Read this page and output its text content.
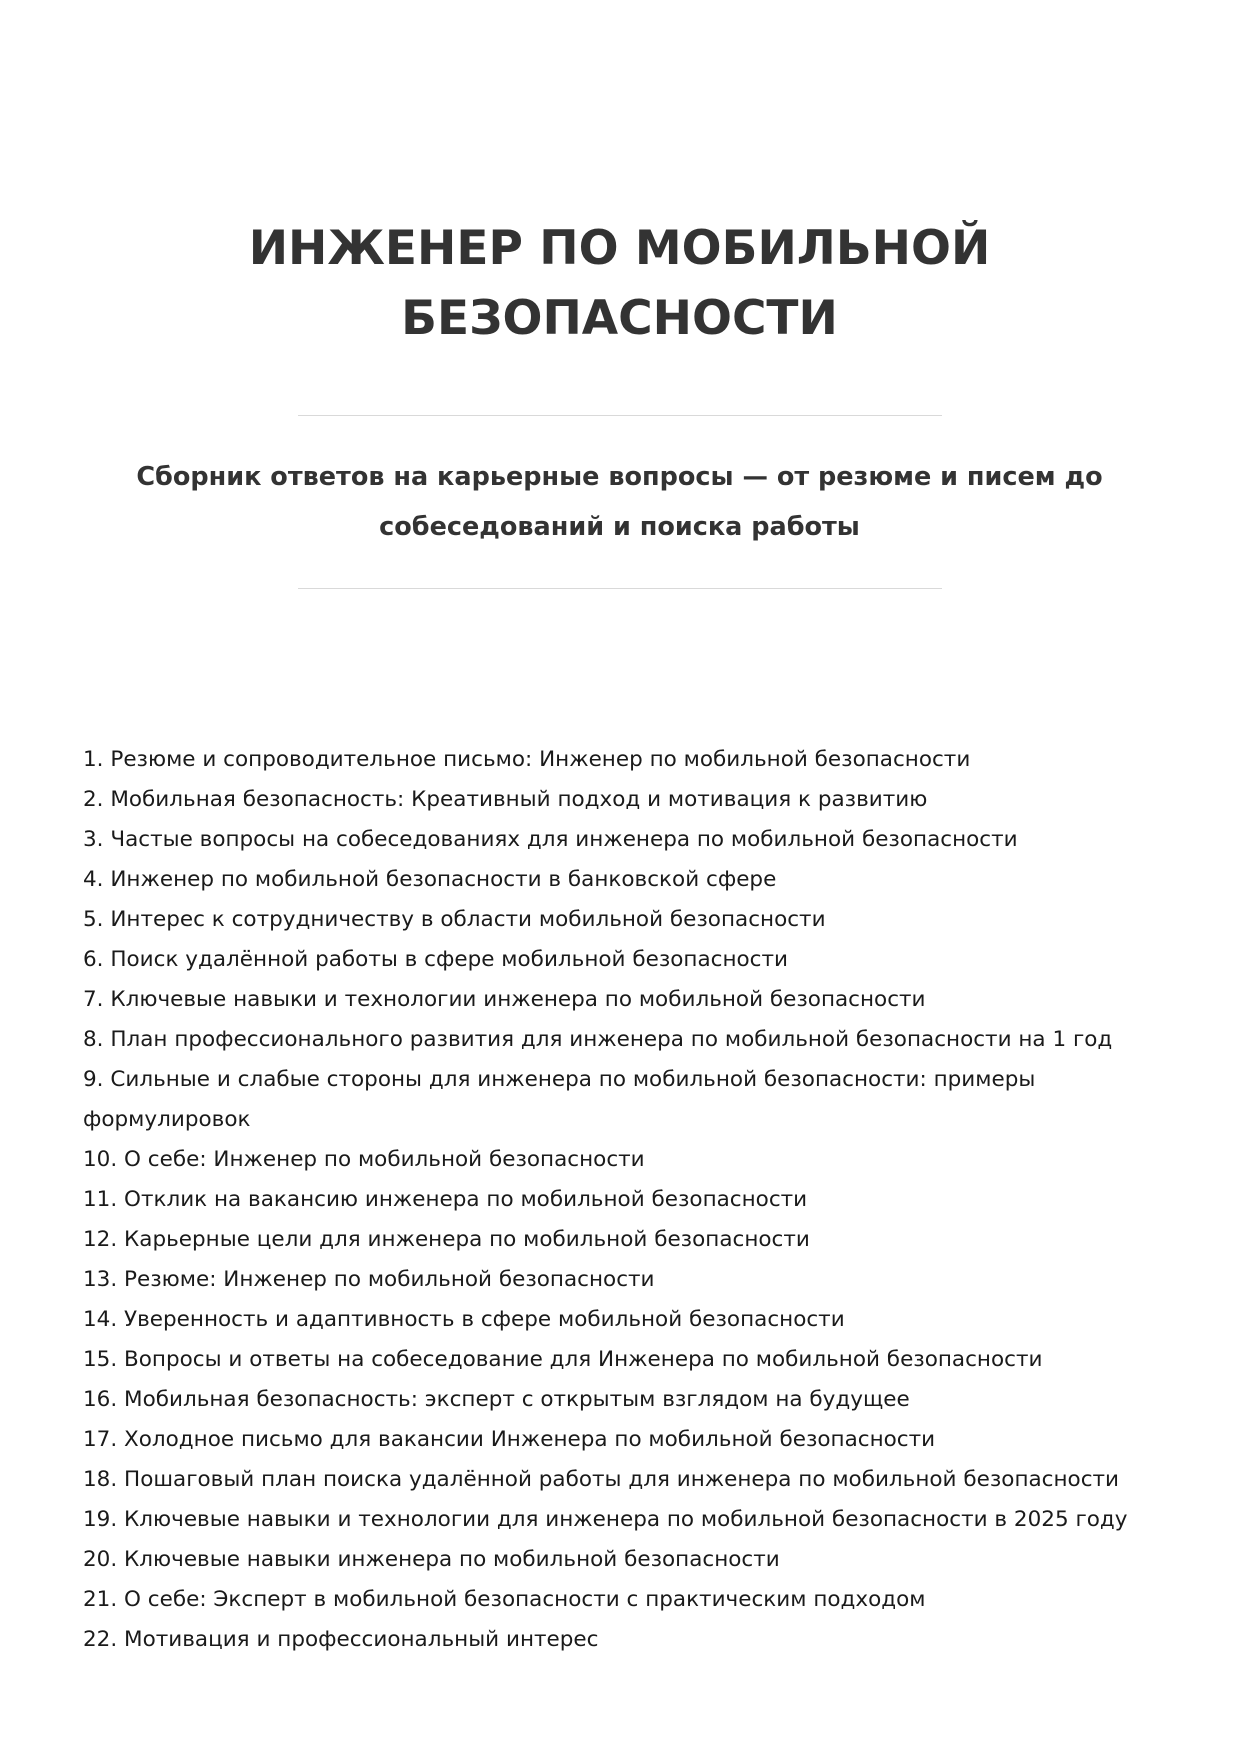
ИНЖЕНЕР ПО МОБИЛЬНОЙ
БЕЗОПАСНОСТИ
Сборник ответов на карьерные вопросы — от резюме и писем до
собеседований и поиска работы
1. Резюме и сопроводительное письмо: Инженер по мобильной безопасности
2. Мобильная безопасность: Креативный подход и мотивация к развитию
3. Частые вопросы на собеседованиях для инженера по мобильной безопасности
4. Инженер по мобильной безопасности в банковской сфере
5. Интерес к сотрудничеству в области мобильной безопасности
6. Поиск удалённой работы в сфере мобильной безопасности
7. Ключевые навыки и технологии инженера по мобильной безопасности
8. План профессионального развития для инженера по мобильной безопасности на 1 год
9. Сильные и слабые стороны для инженера по мобильной безопасности: примеры
формулировок
10. О себе: Инженер по мобильной безопасности
11. Отклик на вакансию инженера по мобильной безопасности
12. Карьерные цели для инженера по мобильной безопасности
13. Резюме: Инженер по мобильной безопасности
14. Уверенность и адаптивность в сфере мобильной безопасности
15. Вопросы и ответы на собеседование для Инженера по мобильной безопасности
16. Мобильная безопасность: эксперт с открытым взглядом на будущее
17. Холодное письмо для вакансии Инженера по мобильной безопасности
18. Пошаговый план поиска удалённой работы для инженера по мобильной безопасности
19. Ключевые навыки и технологии для инженера по мобильной безопасности в 2025 году
20. Ключевые навыки инженера по мобильной безопасности
21. О себе: Эксперт в мобильной безопасности с практическим подходом
22. Мотивация и профессиональный интерес
